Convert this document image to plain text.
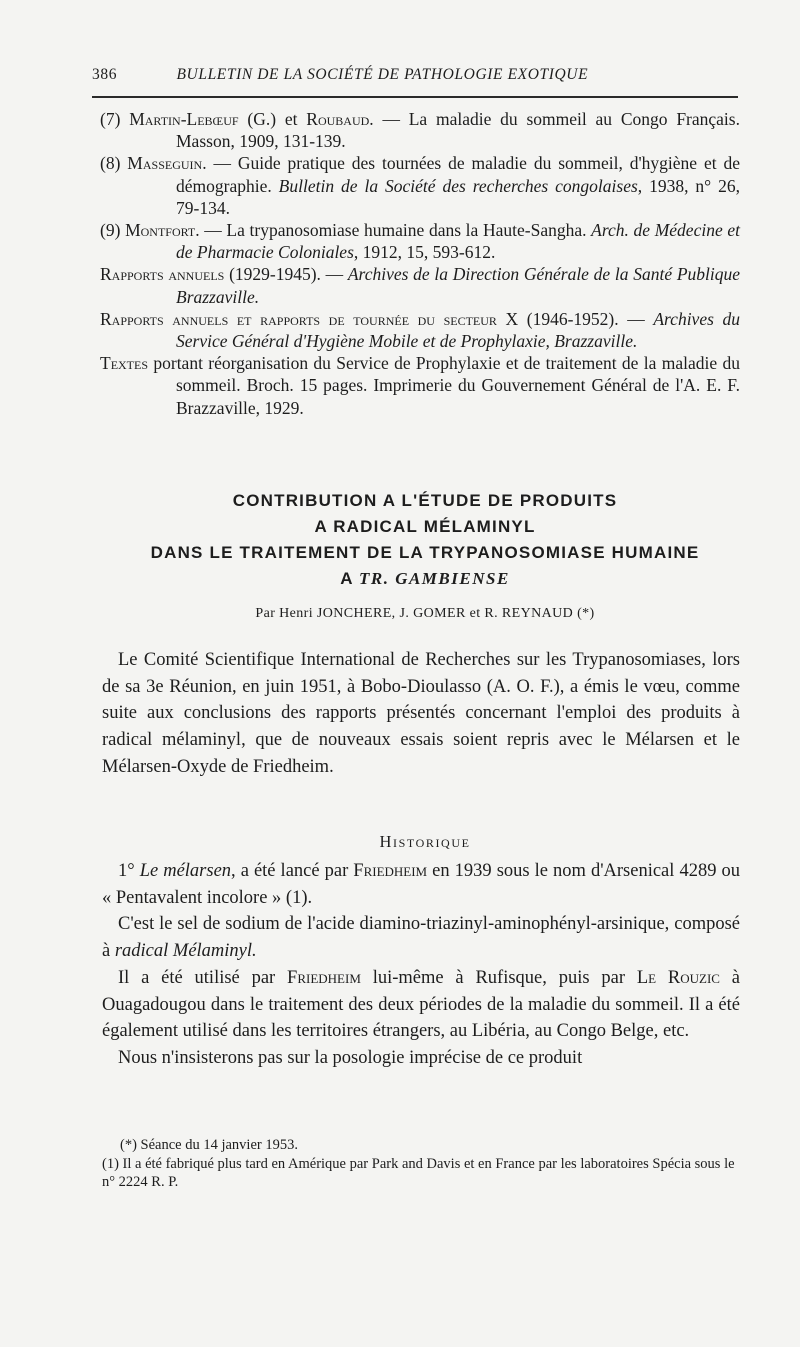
386	BULLETIN DE LA SOCIÉTÉ DE PATHOLOGIE EXOTIQUE
(7) Martin-Lebœuf (G.) et Roubaud. — La maladie du sommeil au Congo Français. Masson, 1909, 131-139.
(8) Masseguin. — Guide pratique des tournées de maladie du sommeil, d'hygiène et de démographie. Bulletin de la Société des recherches congolaises, 1938, n° 26, 79-134.
(9) Montfort. — La trypanosomiase humaine dans la Haute-Sangha. Arch. de Médecine et de Pharmacie Coloniales, 1912, 15, 593-612.
Rapports annuels (1929-1945). — Archives de la Direction Générale de la Santé Publique Brazzaville.
Rapports annuels et rapports de tournée du secteur X (1946-1952). — Archives du Service Général d'Hygiène Mobile et de Prophylaxie, Brazzaville.
Textes portant réorganisation du Service de Prophylaxie et de traitement de la maladie du sommeil. Broch. 15 pages. Imprimerie du Gouvernement Général de l'A. E. F. Brazzaville, 1929.
CONTRIBUTION A L'ÉTUDE DE PRODUITS
A RADICAL MÉLAMINYL
DANS LE TRAITEMENT DE LA TRYPANOSOMIASE HUMAINE
A TR. GAMBIENSE
Par Henri JONCHERE, J. GOMER et R. REYNAUD (*)

Le Comité Scientifique International de Recherches sur les Trypanosomiases, lors de sa 3e Réunion, en juin 1951, à Bobo-Dioulasso (A. O. F.), a émis le vœu, comme suite aux conclusions des rapports présentés concernant l'emploi des produits à radical mélaminyl, que de nouveaux essais soient repris avec le Mélarsen et le Mélarsen-Oxyde de Friedheim.

Historique

1° Le mélarsen, a été lancé par Friedheim en 1939 sous le nom d'Arsenical 4289 ou « Pentavalent incolore » (1).

C'est le sel de sodium de l'acide diamino-triazinyl-aminophényl-arsinique, composé à radical Mélaminyl.

Il a été utilisé par Friedheim lui-même à Rufisque, puis par Le Rouzic à Ouagadougou dans le traitement des deux périodes de la maladie du sommeil. Il a été également utilisé dans les territoires étrangers, au Libéria, au Congo Belge, etc.

Nous n'insisterons pas sur la posologie imprécise de ce produit

(*) Séance du 14 janvier 1953.

(1) Il a été fabriqué plus tard en Amérique par Park and Davis et en France par les laboratoires Spécia sous le n° 2224 R. P.
